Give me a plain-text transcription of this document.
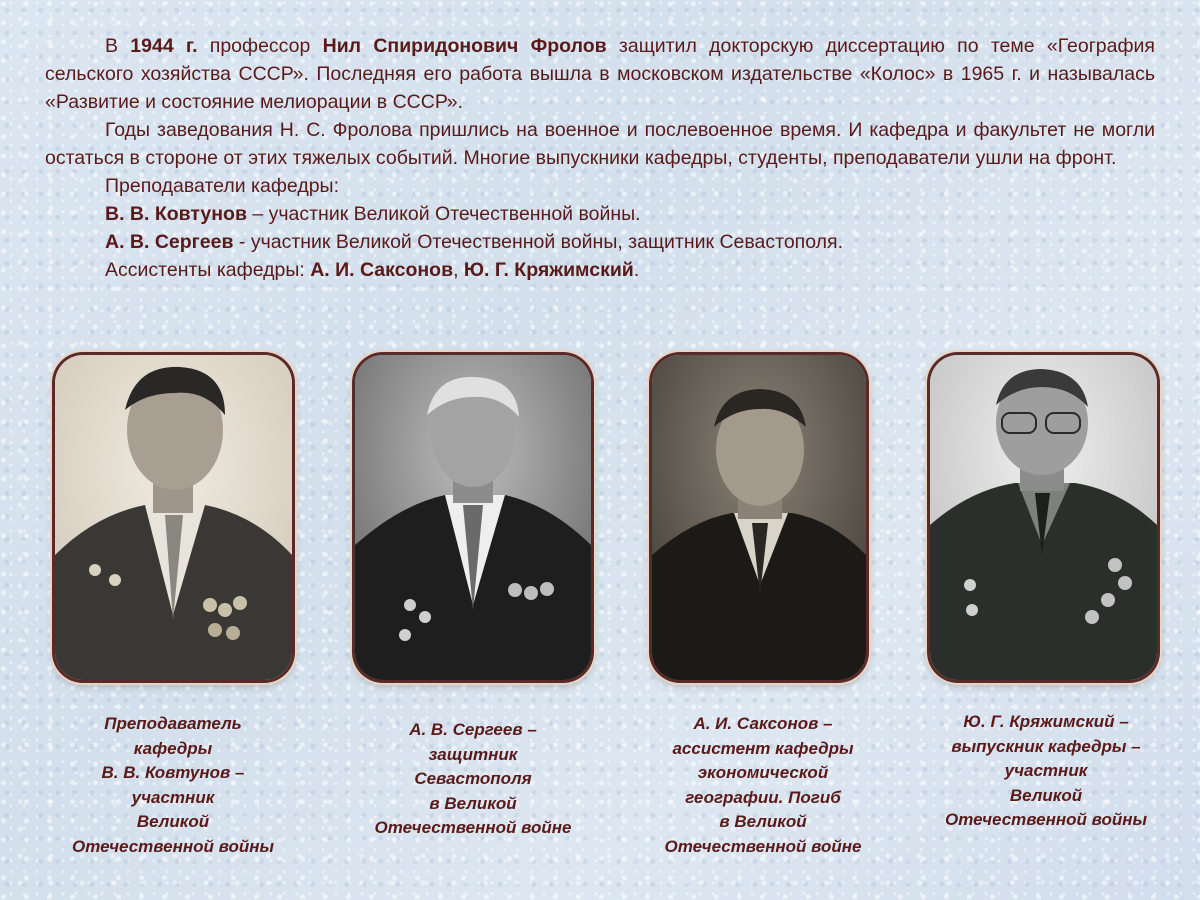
В 1944 г. профессор Нил Спиридонович Фролов защитил докторскую диссертацию по теме «География сельского хозяйства СССР». Последняя его работа вышла в московском издательстве «Колос» в 1965 г. и называлась «Развитие и состояние мелиорации в СССР».

Годы заведования Н. С. Фролова пришлись на военное и послевоенное время. И кафедра и факультет не могли остаться в стороне от этих тяжелых событий. Многие выпускники кафедры, студенты, преподаватели ушли на фронт.

Преподаватели кафедры:

В. В. Ковтунов – участник Великой Отечественной войны.

А. В. Сергеев - участник Великой Отечественной войны, защитник Севастополя.

Ассистенты кафедры: А. И. Саксонов, Ю. Г. Кряжимский.

Преподаватель
кафедры
В. В. Ковтунов –
участник
Великой
Отечественной войны
А. В. Сергеев –
защитник
Севастополя
в Великой
Отечественной войне
А. И. Саксонов –
ассистент кафедры
экономической
географии. Погиб
в Великой
Отечественной войне
Ю. Г. Кряжимский –
выпускник кафедры –
участник
Великой
Отечественной войны
